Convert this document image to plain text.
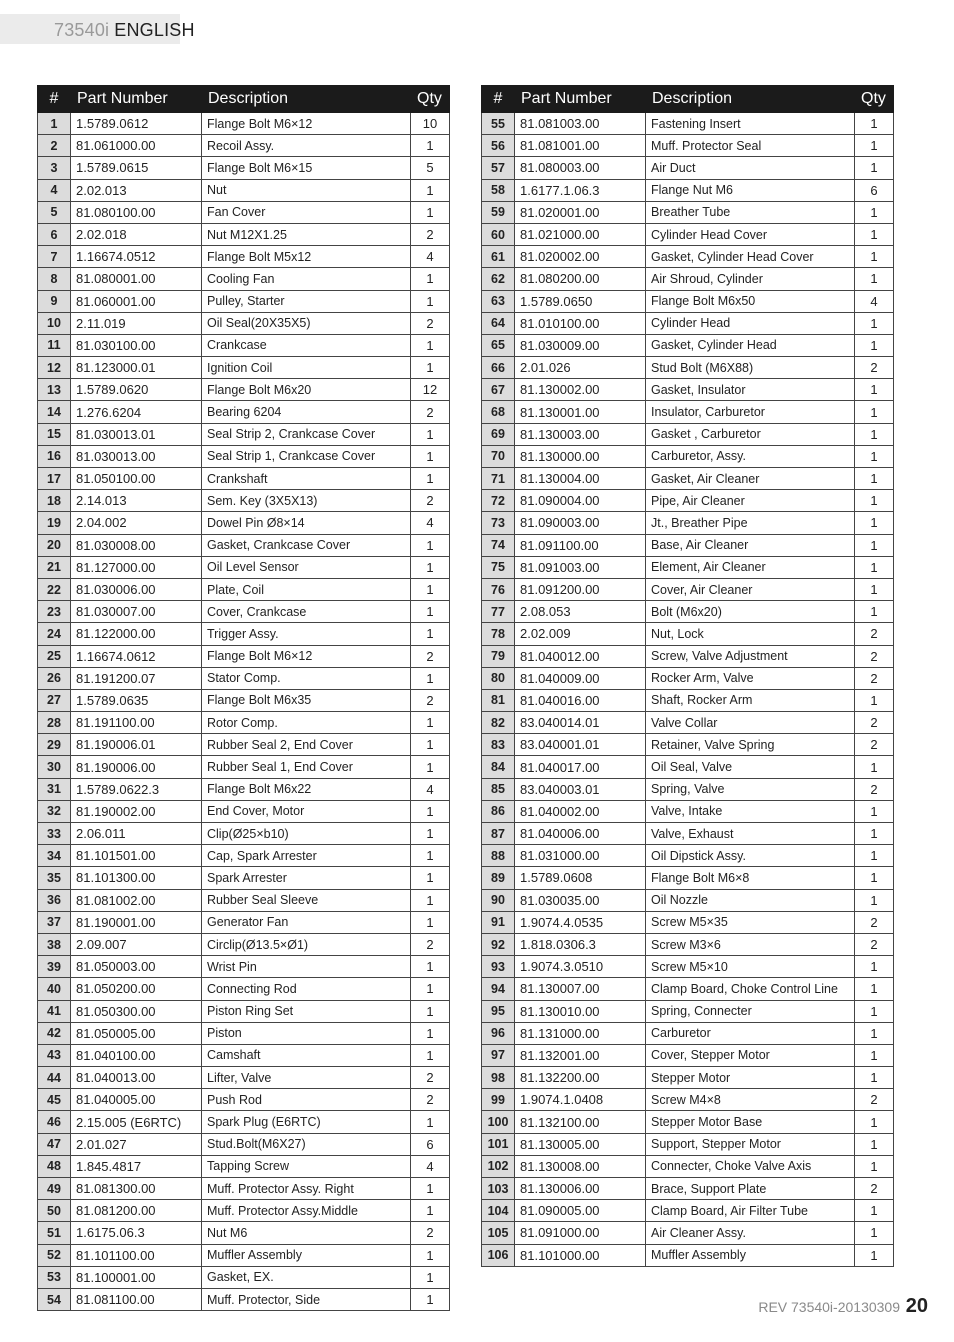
73540i ENGLISH
#	Part Number	Description	Qty
1	1.5789.0612	Flange Bolt M6×12	10
2	81.061000.00	Recoil Assy.	1
3	1.5789.0615	Flange Bolt M6×15	5
4	2.02.013	Nut	1
5	81.080100.00	Fan Cover	1
6	2.02.018	Nut M12X1.25	2
7	1.16674.0512	Flange Bolt M5x12	4
8	81.080001.00	Cooling Fan	1
9	81.060001.00	Pulley, Starter	1
10	2.11.019	Oil Seal(20X35X5)	2
11	81.030100.00	Crankcase	1
12	81.123000.01	Ignition Coil	1
13	1.5789.0620	Flange Bolt M6x20	12
14	1.276.6204	Bearing 6204	2
15	81.030013.01	Seal Strip 2, Crankcase Cover	1
16	81.030013.00	Seal Strip 1, Crankcase Cover	1
17	81.050100.00	Crankshaft	1
18	2.14.013	Sem. Key (3X5X13)	2
19	2.04.002	Dowel Pin Ø8×14	4
20	81.030008.00	Gasket, Crankcase Cover	1
21	81.127000.00	Oil Level Sensor	1
22	81.030006.00	Plate, Coil	1
23	81.030007.00	Cover, Crankcase	1
24	81.122000.00	Trigger Assy.	1
25	1.16674.0612	Flange Bolt M6×12	2
26	81.191200.07	Stator Comp.	1
27	1.5789.0635	Flange Bolt M6x35	2
28	81.191100.00	Rotor Comp.	1
29	81.190006.01	Rubber Seal 2, End Cover	1
30	81.190006.00	Rubber Seal 1, End Cover	1
31	1.5789.0622.3	Flange Bolt M6x22	4
32	81.190002.00	End Cover, Motor	1
33	2.06.011	Clip(Ø25×b10)	1
34	81.101501.00	Cap, Spark Arrester	1
35	81.101300.00	Spark Arrester	1
36	81.081002.00	Rubber Seal Sleeve	1
37	81.190001.00	Generator Fan	1
38	2.09.007	Circlip(Ø13.5×Ø1)	2
39	81.050003.00	Wrist Pin	1
40	81.050200.00	Connecting Rod	1
41	81.050300.00	Piston Ring Set	1
42	81.050005.00	Piston	1
43	81.040100.00	Camshaft	1
44	81.040013.00	Lifter, Valve	2
45	81.040005.00	Push Rod	2
46	2.15.005 (E6RTC)	Spark Plug (E6RTC)	1
47	2.01.027	Stud.Bolt(M6X27)	6
48	1.845.4817	Tapping Screw	4
49	81.081300.00	Muff. Protector Assy. Right	1
50	81.081200.00	Muff. Protector Assy.Middle	1
51	1.6175.06.3	Nut M6	2
52	81.101100.00	Muffler Assembly	1
53	81.100001.00	Gasket, EX.	1
54	81.081100.00	Muff. Protector, Side	1
#	Part Number	Description	Qty
55	81.081003.00	Fastening Insert	1
56	81.081001.00	Muff. Protector Seal	1
57	81.080003.00	Air Duct	1
58	1.6177.1.06.3	Flange Nut M6	6
59	81.020001.00	Breather Tube	1
60	81.021000.00	Cylinder Head Cover	1
61	81.020002.00	Gasket, Cylinder Head Cover	1
62	81.080200.00	Air Shroud, Cylinder	1
63	1.5789.0650	Flange Bolt M6x50	4
64	81.010100.00	Cylinder Head	1
65	81.030009.00	Gasket, Cylinder Head	1
66	2.01.026	Stud Bolt (M6X88)	2
67	81.130002.00	Gasket, Insulator	1
68	81.130001.00	Insulator, Carburetor	1
69	81.130003.00	Gasket , Carburetor	1
70	81.130000.00	Carburetor, Assy.	1
71	81.130004.00	Gasket, Air Cleaner	1
72	81.090004.00	Pipe, Air Cleaner	1
73	81.090003.00	Jt., Breather Pipe	1
74	81.091100.00	Base, Air Cleaner	1
75	81.091003.00	Element, Air Cleaner	1
76	81.091200.00	Cover, Air Cleaner	1
77	2.08.053	Bolt (M6x20)	1
78	2.02.009	Nut, Lock	2
79	81.040012.00	Screw, Valve Adjustment	2
80	81.040009.00	Rocker Arm, Valve	2
81	81.040016.00	Shaft, Rocker Arm	1
82	83.040014.01	Valve Collar	2
83	83.040001.01	Retainer, Valve Spring	2
84	81.040017.00	Oil Seal, Valve	1
85	83.040003.01	Spring, Valve	2
86	81.040002.00	Valve, Intake	1
87	81.040006.00	Valve, Exhaust	1
88	81.031000.00	Oil Dipstick Assy.	1
89	1.5789.0608	Flange Bolt M6×8	1
90	81.030035.00	Oil Nozzle	1
91	1.9074.4.0535	Screw M5×35	2
92	1.818.0306.3	Screw M3×6	2
93	1.9074.3.0510	Screw M5×10	1
94	81.130007.00	Clamp Board, Choke Control Line	1
95	81.130010.00	Spring, Connecter	1
96	81.131000.00	Carburetor	1
97	81.132001.00	Cover, Stepper Motor	1
98	81.132200.00	Stepper Motor	1
99	1.9074.1.0408	Screw M4×8	2
100	81.132100.00	Stepper Motor Base	1
101	81.130005.00	Support, Stepper Motor	1
102	81.130008.00	Connecter, Choke Valve Axis	1
103	81.130006.00	Brace, Support Plate	2
104	81.090005.00	Clamp Board, Air Filter Tube	1
105	81.091000.00	Air Cleaner Assy.	1
106	81.101000.00	Muffler Assembly	1
REV 73540i-20130309 20
